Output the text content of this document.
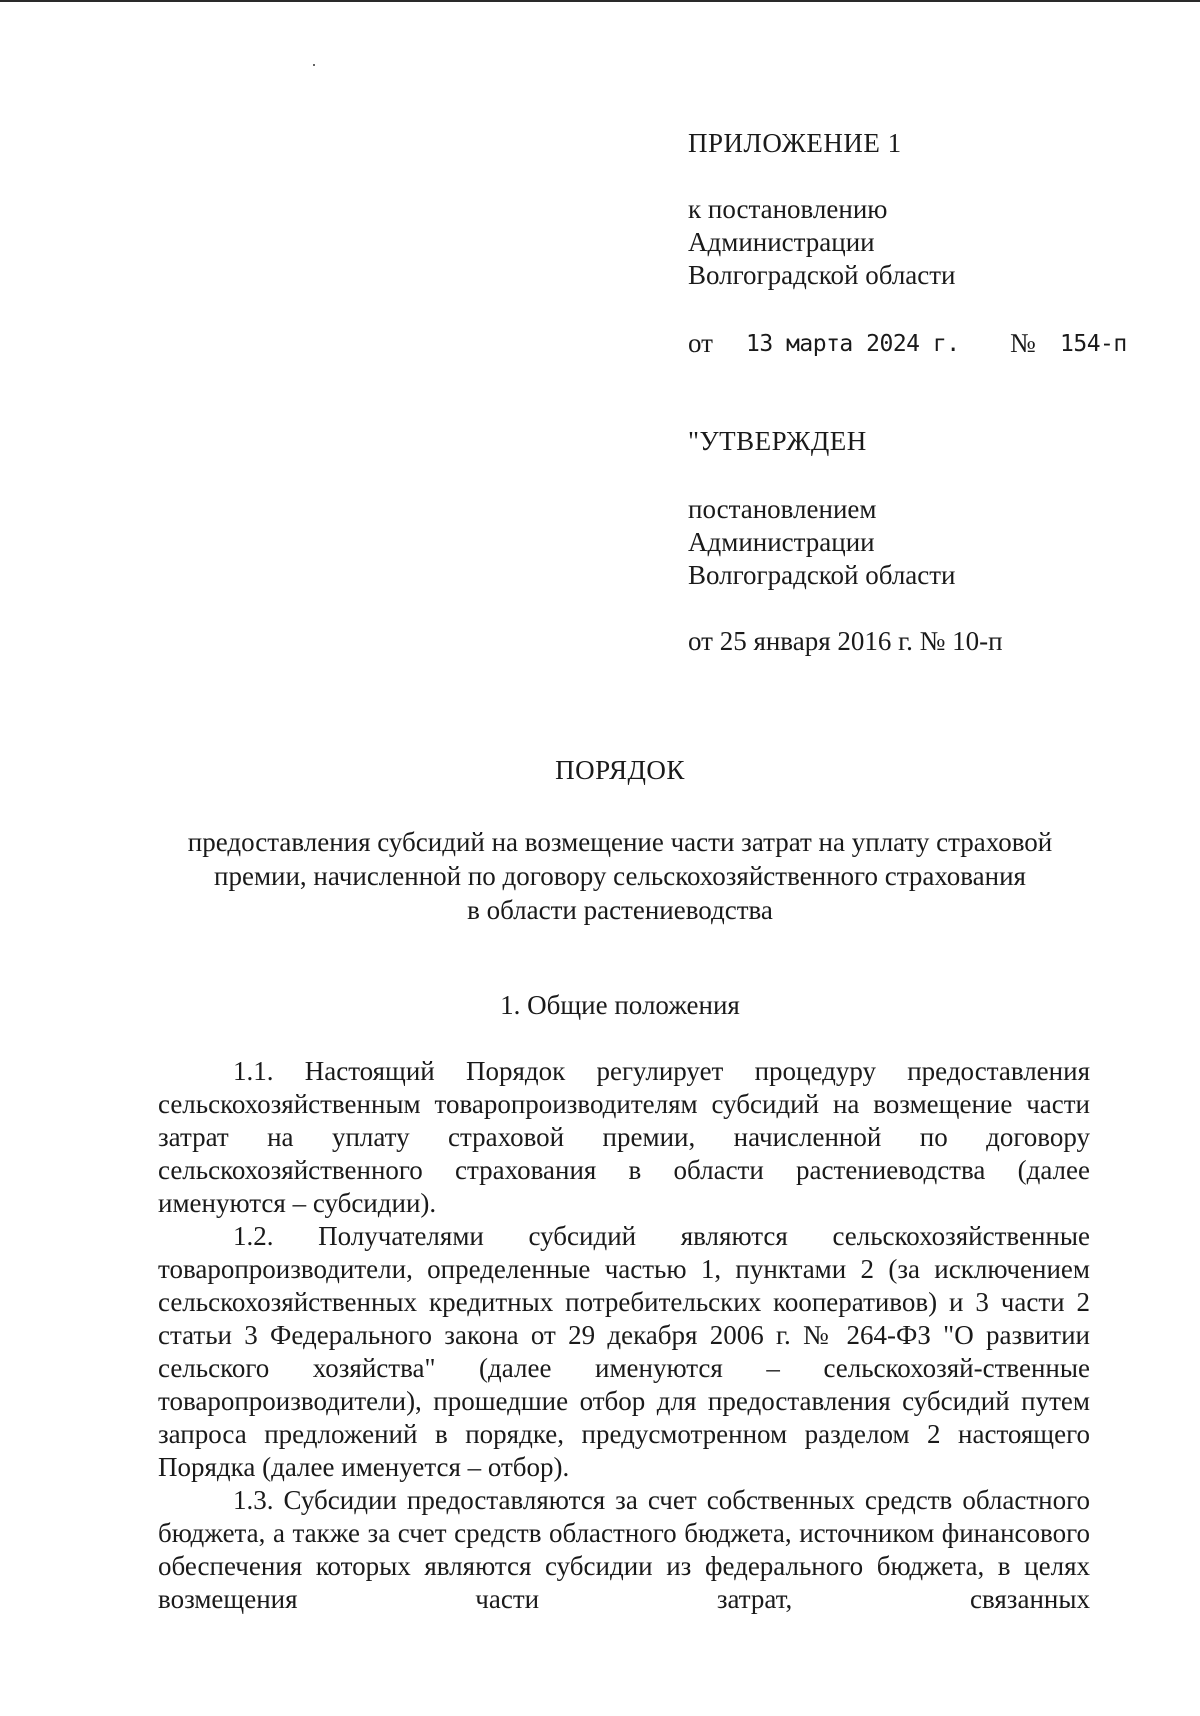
ПРИЛОЖЕНИЕ 1
к постановлению
Администрации
Волгоградской области
от 13 марта 2024 г. № 154-п
"УТВЕРЖДЕН
постановлением
Администрации
Волгоградской области
от 25 января 2016 г. № 10-п
ПОРЯДОК
предоставления субсидий на возмещение части затрат на уплату страховой
премии, начисленной по договору сельскохозяйственного страхования
в области растениеводства
1. Общие положения

1.1. Настоящий Порядок регулирует процедуру предоставления сельскохозяйственным товаропроизводителям субсидий на возмещение части затрат на уплату страховой премии, начисленной по договору сельскохозяйственного страхования в области растениеводства (далее именуются – субсидии).

1.2. Получателями субсидий являются сельскохозяйственные товаропроизводители, определенные частью 1, пунктами 2 (за исключением сельскохозяйственных кредитных потребительских кооперативов) и 3 части 2 статьи 3 Федерального закона от 29 декабря 2006 г. № 264-ФЗ "О развитии сельского хозяйства" (далее именуются – сельскохозяй-ственные товаропроизводители), прошедшие отбор для предоставления субсидий путем запроса предложений в порядке, предусмотренном разделом 2 настоящего Порядка (далее именуется – отбор).

1.3. Субсидии предоставляются за счет собственных средств областного бюджета, а также за счет средств областного бюджета, источником финансового обеспечения которых являются субсидии из федерального бюджета, в целях возмещения части затрат, связанных
